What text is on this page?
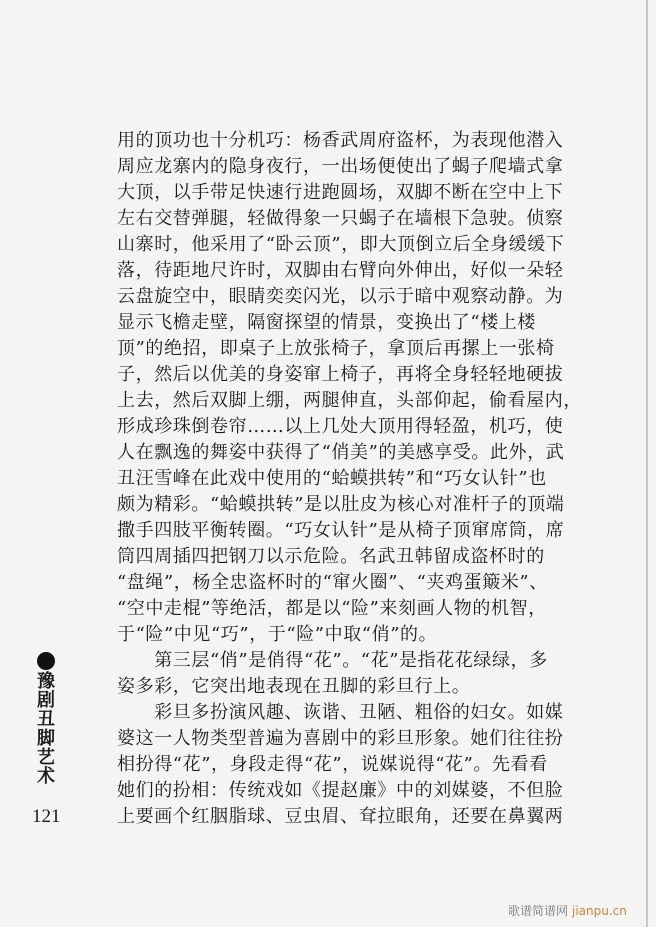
用的顶功也十分机巧：杨香武周府盗杯，为表现他潜入
周应龙寨内的隐身夜行，一出场便使出了蝎子爬墙式拿
大顶，以手带足快速行进跑圆场，双脚不断在空中上下
左右交替弹腿，轻做得象一只蝎子在墙根下急驶。侦察
山寨时，他采用了“卧云顶”，即大顶倒立后全身缓缓下
落，待距地尺许时，双脚由右臂向外伸出，好似一朵轻
云盘旋空中，眼睛奕奕闪光，以示于暗中观察动静。为
显示飞檐走壁，隔窗探望的情景，变换出了“楼上楼
顶”的绝招，即桌子上放张椅子，拿顶后再摞上一张椅
子，然后以优美的身姿窜上椅子，再将全身轻轻地硬拔
上去，然后双脚上绷，两腿伸直，头部仰起，偷看屋内，
形成珍珠倒卷帘……以上几处大顶用得轻盈，机巧，使
人在飘逸的舞姿中获得了“俏美”的美感享受。此外，武
丑汪雪峰在此戏中使用的“蛤蟆拱转”和“巧女认针”也
颇为精彩。“蛤蟆拱转”是以肚皮为核心对准杆子的顶端
撒手四肢平衡转圈。“巧女认针”是从椅子顶窜席筒，席
筒四周插四把钢刀以示危险。名武丑韩留成盗杯时的
“盘绳”，杨全忠盗杯时的“窜火圈”、“夹鸡蛋簸米”、
“空中走棍”等绝活，都是以“险”来刻画人物的机智，
于“险”中见“巧”，于“险”中取“俏”的。
　　第三层“俏”是俏得“花”。“花”是指花花绿绿，多
姿多彩，它突出地表现在丑脚的彩旦行上。
　　彩旦多扮演风趣、诙谐、丑陋、粗俗的妇女。如媒
婆这一人物类型普遍为喜剧中的彩旦形象。她们往往扮
相扮得“花”，身段走得“花”，说媒说得“花”。先看看
她们的扮相：传统戏如《提赵廉》中的刘媒婆，不但脸
上要画个红胭脂球、豆虫眉、耷拉眼角，还要在鼻翼两
豫
剧
丑
脚
艺
术
121
歌谱简谱网 jianpu.cn
